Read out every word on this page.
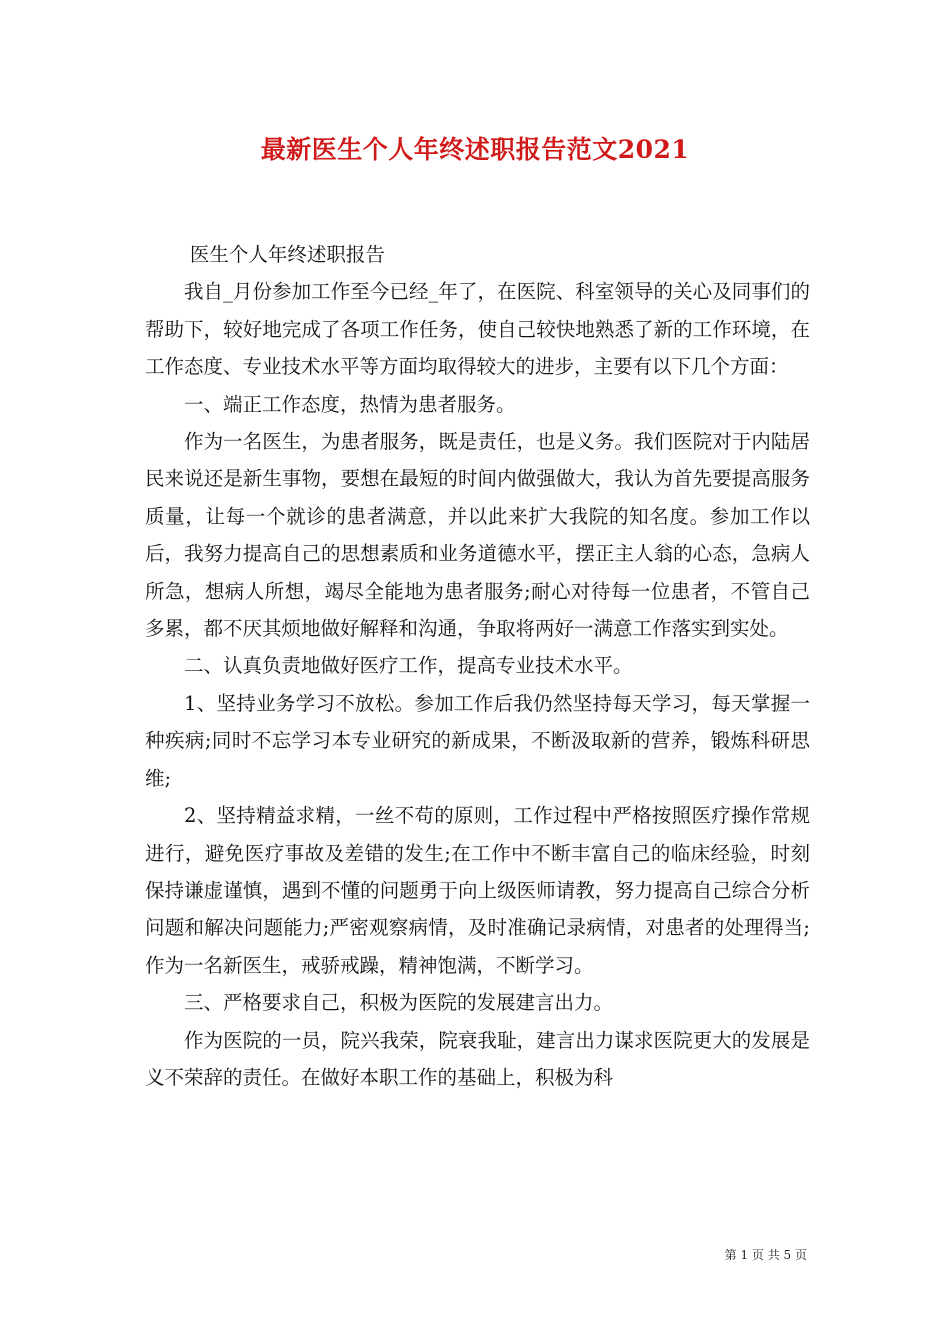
最新医生个人年终述职报告范文2021

医生个人年终述职报告

我自_月份参加工作至今已经_年了，在医院、科室领导的关心及同事们的帮助下，较好地完成了各项工作任务，使自己较快地熟悉了新的工作环境，在工作态度、专业技术水平等方面均取得较大的进步，主要有以下几个方面：

一、端正工作态度，热情为患者服务。

作为一名医生，为患者服务，既是责任，也是义务。我们医院对于内陆居民来说还是新生事物，要想在最短的时间内做强做大，我认为首先要提高服务质量，让每一个就诊的患者满意，并以此来扩大我院的知名度。参加工作以后，我努力提高自己的思想素质和业务道德水平，摆正主人翁的心态，急病人所急，想病人所想，竭尽全能地为患者服务;耐心对待每一位患者，不管自己多累，都不厌其烦地做好解释和沟通，争取将两好一满意工作落实到实处。

二、认真负责地做好医疗工作，提高专业技术水平。

1、坚持业务学习不放松。参加工作后我仍然坚持每天学习，每天掌握一种疾病;同时不忘学习本专业研究的新成果，不断汲取新的营养，锻炼科研思维;

2、坚持精益求精，一丝不苟的原则，工作过程中严格按照医疗操作常规进行，避免医疗事故及差错的发生;在工作中不断丰富自己的临床经验，时刻保持谦虚谨慎，遇到不懂的问题勇于向上级医师请教，努力提高自己综合分析问题和解决问题能力;严密观察病情，及时准确记录病情，对患者的处理得当;作为一名新医生，戒骄戒躁，精神饱满，不断学习。

三、严格要求自己，积极为医院的发展建言出力。

作为医院的一员，院兴我荣，院衰我耻，建言出力谋求医院更大的发展是义不荣辞的责任。在做好本职工作的基础上，积极为科

第 1 页 共 5 页
